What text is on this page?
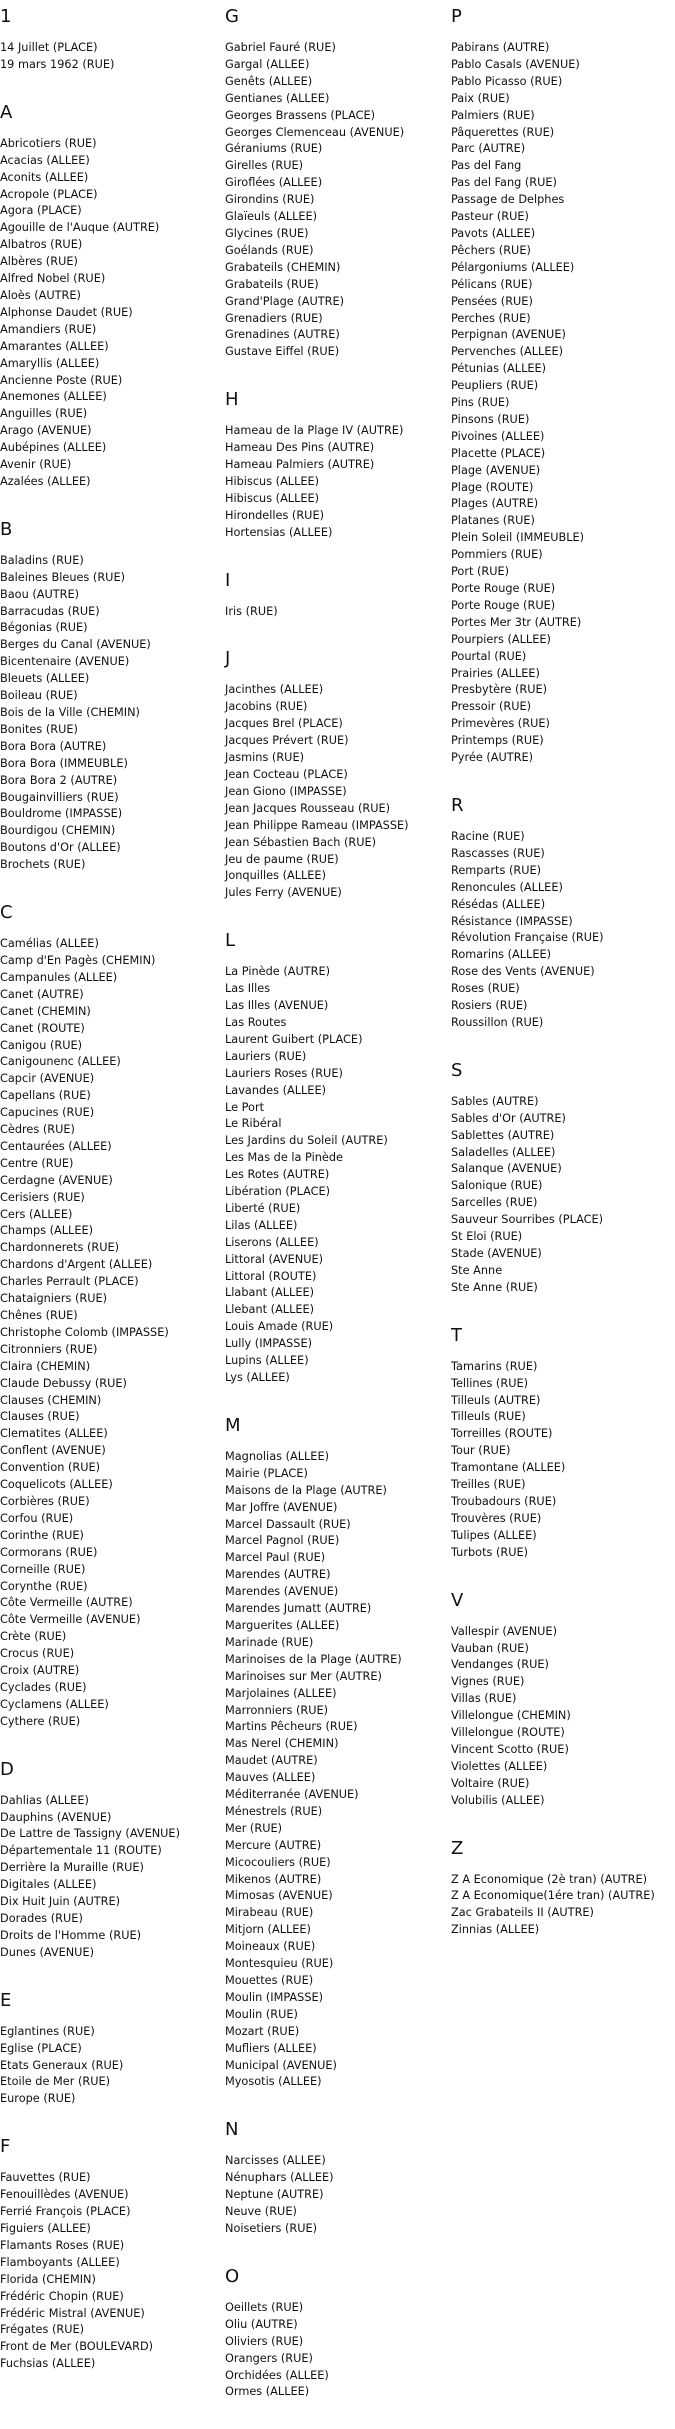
1
14 Juillet (PLACE)
19 mars 1962 (RUE)
A
Abricotiers (RUE)
Acacias (ALLEE)
Aconits (ALLEE)
Acropole (PLACE)
Agora (PLACE)
Agouille de l'Auque (AUTRE)
Albatros (RUE)
Albères (RUE)
Alfred Nobel (RUE)
Aloès (AUTRE)
Alphonse Daudet (RUE)
Amandiers (RUE)
Amarantes (ALLEE)
Amaryllis (ALLEE)
Ancienne Poste (RUE)
Anemones (ALLEE)
Anguilles (RUE)
Arago (AVENUE)
Aubépines (ALLEE)
Avenir (RUE)
Azalées (ALLEE)
B
Baladins (RUE)
Baleines Bleues (RUE)
Baou (AUTRE)
Barracudas (RUE)
Bégonias (RUE)
Berges du Canal (AVENUE)
Bicentenaire (AVENUE)
Bleuets (ALLEE)
Boileau (RUE)
Bois de la Ville (CHEMIN)
Bonites (RUE)
Bora Bora (AUTRE)
Bora Bora (IMMEUBLE)
Bora Bora 2 (AUTRE)
Bougainvilliers (RUE)
Bouldrome (IMPASSE)
Bourdigou (CHEMIN)
Boutons d'Or (ALLEE)
Brochets (RUE)
C
Camélias (ALLEE)
Camp d'En Pagès (CHEMIN)
Campanules (ALLEE)
Canet (AUTRE)
Canet (CHEMIN)
Canet (ROUTE)
Canigou (RUE)
Canigounenc (ALLEE)
Capcir (AVENUE)
Capellans (RUE)
Capucines (RUE)
Cèdres (RUE)
Centaurées (ALLEE)
Centre (RUE)
Cerdagne (AVENUE)
Cerisiers (RUE)
Cers (ALLEE)
Champs (ALLEE)
Chardonnerets (RUE)
Chardons d'Argent (ALLEE)
Charles Perrault (PLACE)
Chataigniers (RUE)
Chênes (RUE)
Christophe Colomb (IMPASSE)
Citronniers (RUE)
Claira (CHEMIN)
Claude Debussy (RUE)
Clauses (CHEMIN)
Clauses (RUE)
Clematites (ALLEE)
Conflent (AVENUE)
Convention (RUE)
Coquelicots (ALLEE)
Corbières (RUE)
Corfou (RUE)
Corinthe (RUE)
Cormorans (RUE)
Corneille (RUE)
Corynthe (RUE)
Côte Vermeille (AUTRE)
Côte Vermeille (AVENUE)
Crète (RUE)
Crocus (RUE)
Croix (AUTRE)
Cyclades (RUE)
Cyclamens (ALLEE)
Cythere (RUE)
D
Dahlias (ALLEE)
Dauphins (AVENUE)
De Lattre de Tassigny (AVENUE)
Départementale 11 (ROUTE)
Derrière la Muraille (RUE)
Digitales (ALLEE)
Dix Huit Juin (AUTRE)
Dorades (RUE)
Droits de l'Homme (RUE)
Dunes (AVENUE)
E
Eglantines (RUE)
Eglise (PLACE)
Etats Generaux (RUE)
Etoile de Mer (RUE)
Europe (RUE)
F
Fauvettes (RUE)
Fenouillèdes (AVENUE)
Ferrié François (PLACE)
Figuiers (ALLEE)
Flamants Roses (RUE)
Flamboyants (ALLEE)
Florida (CHEMIN)
Frédéric Chopin (RUE)
Frédéric Mistral (AVENUE)
Frégates (RUE)
Front de Mer (BOULEVARD)
Fuchsias (ALLEE)
G
Gabriel Fauré (RUE)
Gargal (ALLEE)
Genêts (ALLEE)
Gentianes (ALLEE)
Georges Brassens (PLACE)
Georges Clemenceau (AVENUE)
Géraniums (RUE)
Girelles (RUE)
Giroflées (ALLEE)
Girondins (RUE)
Glaïeuls (ALLEE)
Glycines (RUE)
Goélands (RUE)
Grabateils (CHEMIN)
Grabateils (RUE)
Grand'Plage (AUTRE)
Grenadiers (RUE)
Grenadines (AUTRE)
Gustave Eiffel (RUE)
H
Hameau de la Plage IV (AUTRE)
Hameau Des Pins (AUTRE)
Hameau Palmiers (AUTRE)
Hibiscus (ALLEE)
Hibiscus (ALLEE)
Hirondelles (RUE)
Hortensias (ALLEE)
I
Iris (RUE)
J
Jacinthes (ALLEE)
Jacobins (RUE)
Jacques Brel (PLACE)
Jacques Prévert (RUE)
Jasmins (RUE)
Jean Cocteau (PLACE)
Jean Giono (IMPASSE)
Jean Jacques Rousseau (RUE)
Jean Philippe Rameau (IMPASSE)
Jean Sébastien Bach (RUE)
Jeu de paume (RUE)
Jonquilles (ALLEE)
Jules Ferry (AVENUE)
L
La Pinède (AUTRE)
Las Illes
Las Illes (AVENUE)
Las Routes
Laurent Guibert (PLACE)
Lauriers (RUE)
Lauriers Roses (RUE)
Lavandes (ALLEE)
Le Port
Le Ribéral
Les Jardins du Soleil (AUTRE)
Les Mas de la Pinède
Les Rotes (AUTRE)
Libération (PLACE)
Liberté (RUE)
Lilas (ALLEE)
Liserons (ALLEE)
Littoral (AVENUE)
Littoral (ROUTE)
Llabant (ALLEE)
Llebant (ALLEE)
Louis Amade (RUE)
Lully (IMPASSE)
Lupins (ALLEE)
Lys (ALLEE)
M
Magnolias (ALLEE)
Mairie (PLACE)
Maisons de la Plage (AUTRE)
Mar Joffre (AVENUE)
Marcel Dassault (RUE)
Marcel Pagnol (RUE)
Marcel Paul (RUE)
Marendes (AUTRE)
Marendes (AVENUE)
Marendes Jumatt (AUTRE)
Marguerites (ALLEE)
Marinade (RUE)
Marinoises de la Plage (AUTRE)
Marinoises sur Mer (AUTRE)
Marjolaines (ALLEE)
Marronniers (RUE)
Martins Pêcheurs (RUE)
Mas Nerel (CHEMIN)
Maudet (AUTRE)
Mauves (ALLEE)
Méditerranée (AVENUE)
Ménestrels (RUE)
Mer (RUE)
Mercure (AUTRE)
Micocouliers (RUE)
Mikenos (AUTRE)
Mimosas (AVENUE)
Mirabeau (RUE)
Mitjorn (ALLEE)
Moineaux (RUE)
Montesquieu (RUE)
Mouettes (RUE)
Moulin (IMPASSE)
Moulin (RUE)
Mozart (RUE)
Mufliers (ALLEE)
Municipal (AVENUE)
Myosotis (ALLEE)
N
Narcisses (ALLEE)
Nénuphars (ALLEE)
Neptune (AUTRE)
Neuve (RUE)
Noisetiers (RUE)
O
Oeillets (RUE)
Oliu (AUTRE)
Oliviers (RUE)
Orangers (RUE)
Orchidées (ALLEE)
Ormes (ALLEE)
P
Pabirans (AUTRE)
Pablo Casals (AVENUE)
Pablo Picasso (RUE)
Paix (RUE)
Palmiers (RUE)
Pâquerettes (RUE)
Parc (AUTRE)
Pas del Fang
Pas del Fang (RUE)
Passage de Delphes
Pasteur (RUE)
Pavots (ALLEE)
Pêchers (RUE)
Pélargoniums (ALLEE)
Pélicans (RUE)
Pensées (RUE)
Perches (RUE)
Perpignan (AVENUE)
Pervenches (ALLEE)
Pétunias (ALLEE)
Peupliers (RUE)
Pins (RUE)
Pinsons (RUE)
Pivoines (ALLEE)
Placette (PLACE)
Plage (AVENUE)
Plage (ROUTE)
Plages (AUTRE)
Platanes (RUE)
Plein Soleil (IMMEUBLE)
Pommiers (RUE)
Port (RUE)
Porte Rouge (RUE)
Porte Rouge (RUE)
Portes Mer 3tr (AUTRE)
Pourpiers (ALLEE)
Pourtal (RUE)
Prairies (ALLEE)
Presbytère (RUE)
Pressoir (RUE)
Primevères (RUE)
Printemps (RUE)
Pyrée (AUTRE)
R
Racine (RUE)
Rascasses (RUE)
Remparts (RUE)
Renoncules (ALLEE)
Résédas (ALLEE)
Résistance (IMPASSE)
Révolution Française (RUE)
Romarins (ALLEE)
Rose des Vents (AVENUE)
Roses (RUE)
Rosiers (RUE)
Roussillon (RUE)
S
Sables (AUTRE)
Sables d'Or (AUTRE)
Sablettes (AUTRE)
Saladelles (ALLEE)
Salanque (AVENUE)
Salonique (RUE)
Sarcelles (RUE)
Sauveur Sourribes (PLACE)
St Eloi (RUE)
Stade (AVENUE)
Ste Anne
Ste Anne (RUE)
T
Tamarins (RUE)
Tellines (RUE)
Tilleuls (AUTRE)
Tilleuls (RUE)
Torreilles (ROUTE)
Tour (RUE)
Tramontane (ALLEE)
Treilles (RUE)
Troubadours (RUE)
Trouvères (RUE)
Tulipes (ALLEE)
Turbots (RUE)
V
Vallespir (AVENUE)
Vauban (RUE)
Vendanges (RUE)
Vignes (RUE)
Villas (RUE)
Villelongue (CHEMIN)
Villelongue (ROUTE)
Vincent Scotto (RUE)
Violettes (ALLEE)
Voltaire (RUE)
Volubilis (ALLEE)
Z
Z A Economique (2è tran) (AUTRE)
Z A Economique(1ére tran) (AUTRE)
Zac Grabateils II (AUTRE)
Zinnias (ALLEE)
